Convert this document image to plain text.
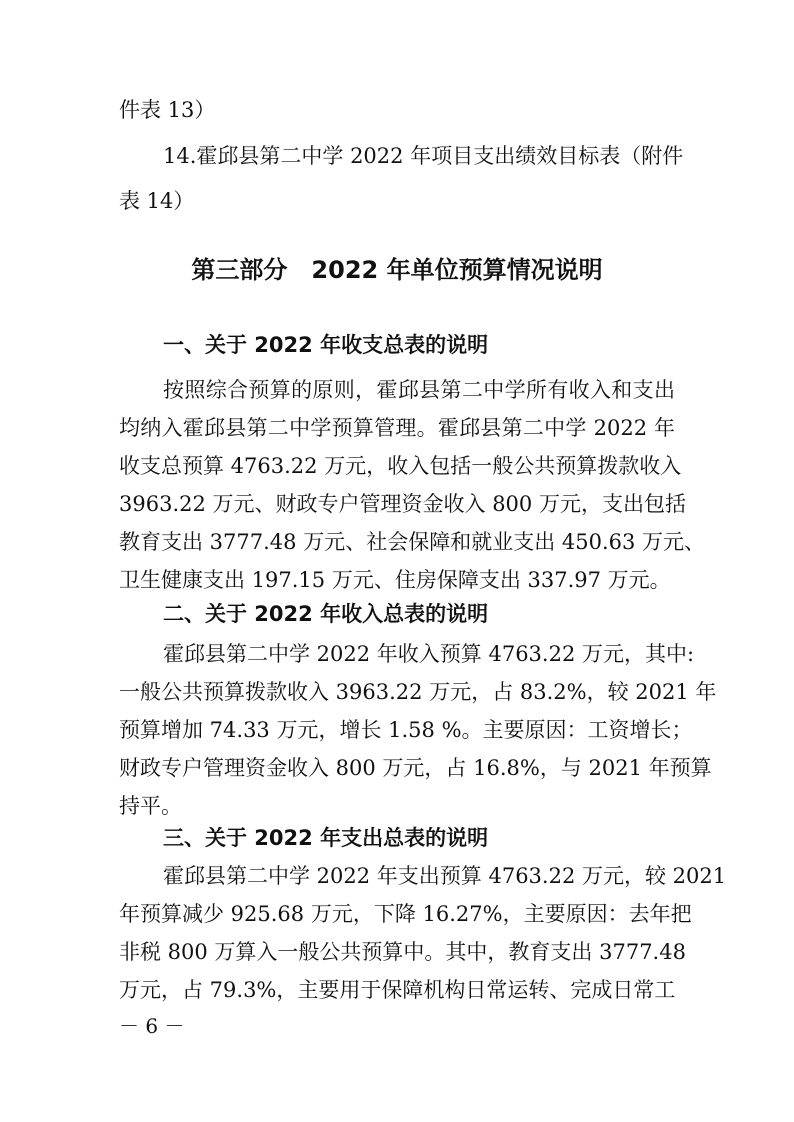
件表 13）
14.霍邱县第二中学 2022 年项目支出绩效目标表（附件
表 14）
第三部分　2022 年单位预算情况说明
一、关于 2022 年收支总表的说明
按照综合预算的原则，霍邱县第二中学所有收入和支出
均纳入霍邱县第二中学预算管理。霍邱县第二中学 2022 年
收支总预算 4763.22 万元，收入包括一般公共预算拨款收入
3963.22 万元、财政专户管理资金收入 800 万元，支出包括
教育支出 3777.48 万元、社会保障和就业支出 450.63 万元、
卫生健康支出 197.15 万元、住房保障支出 337.97 万元。
二、关于 2022 年收入总表的说明
霍邱县第二中学 2022 年收入预算 4763.22 万元，其中:
一般公共预算拨款收入 3963.22 万元，占 83.2%，较 2021 年
预算增加 74.33 万元，增长 1.58 %。主要原因：工资增长；
财政专户管理资金收入 800 万元，占 16.8%，与 2021 年预算
持平。
三、关于 2022 年支出总表的说明
霍邱县第二中学 2022 年支出预算 4763.22 万元，较 2021
年预算减少 925.68 万元，下降 16.27%，主要原因：去年把
非税 800 万算入一般公共预算中。其中，教育支出 3777.48
万元，占 79.3%，主要用于保障机构日常运转、完成日常工
－ 6 －
